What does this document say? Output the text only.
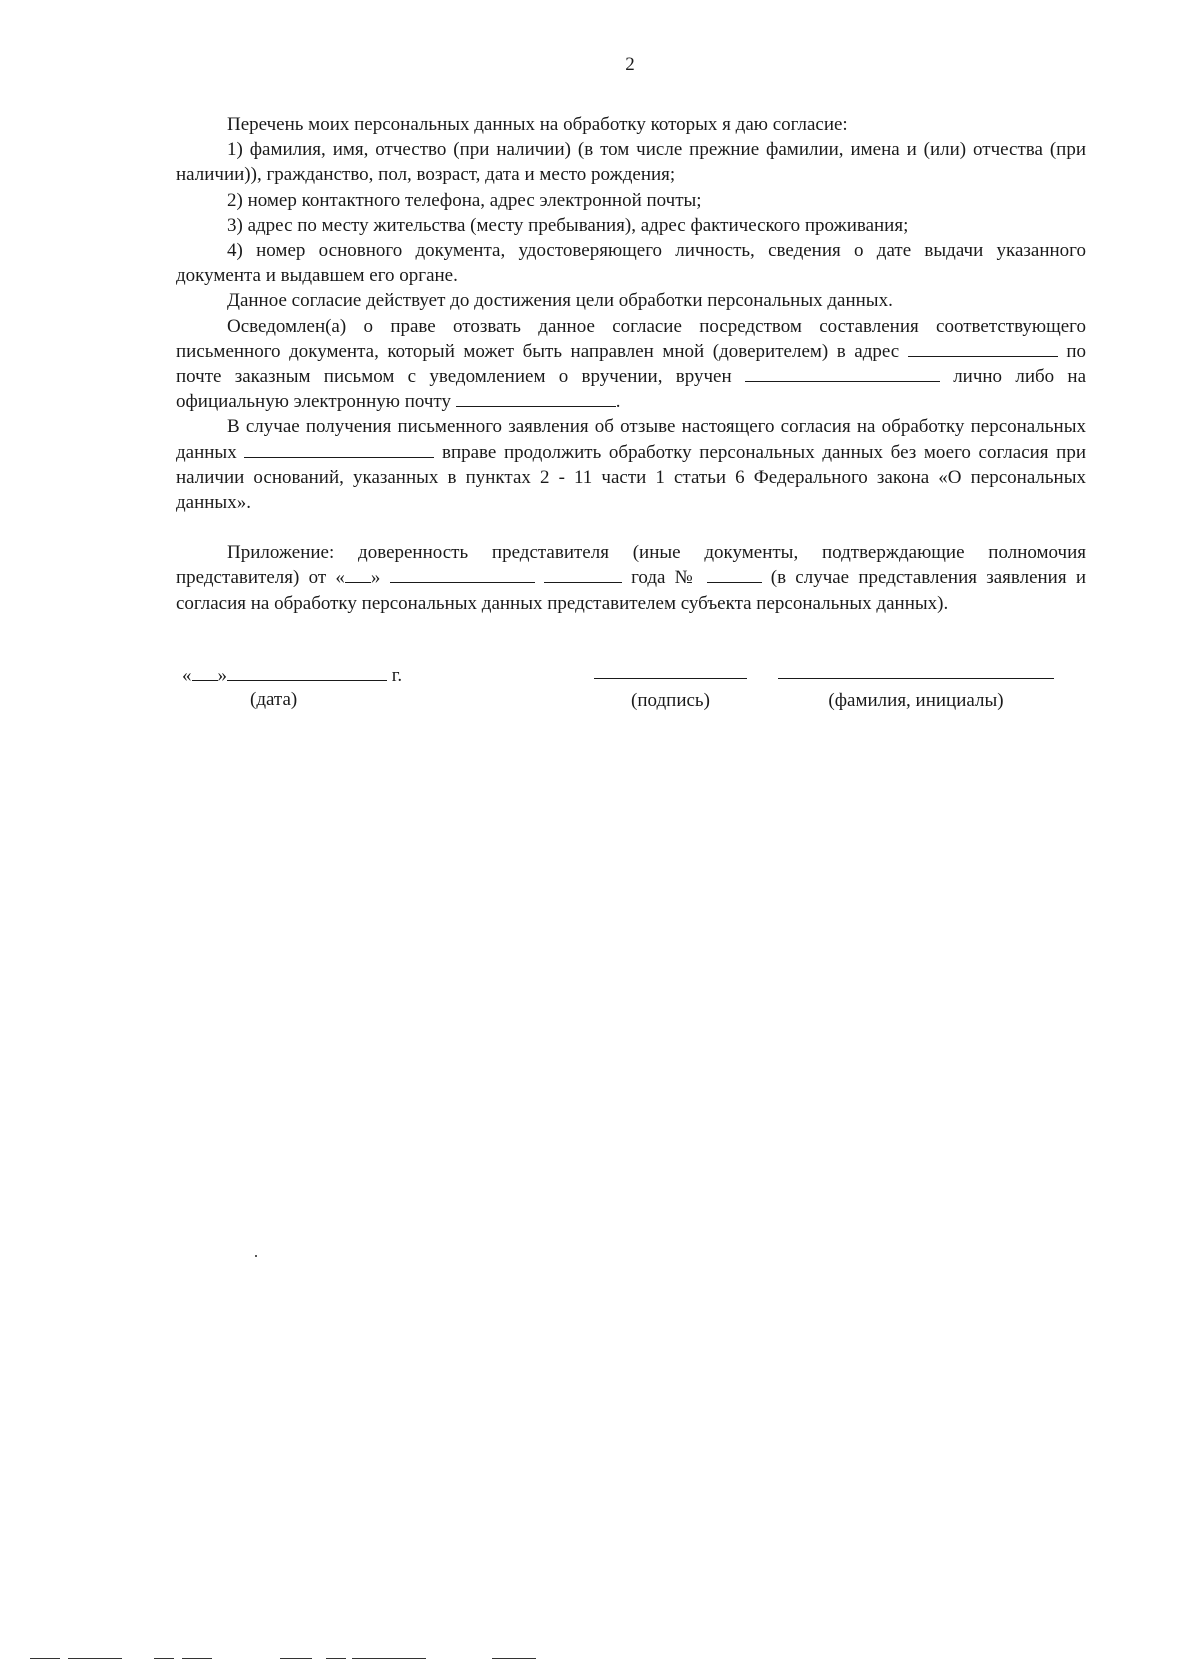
2

Перечень моих персональных данных на обработку которых я даю согласие:

1) фамилия, имя, отчество (при наличии) (в том числе прежние фамилии, имена и (или) отчества (при наличии)), гражданство, пол, возраст, дата и место рождения;

2) номер контактного телефона, адрес электронной почты;

3) адрес по месту жительства (месту пребывания), адрес фактического проживания;

4) номер основного документа, удостоверяющего личность, сведения о дате выдачи указанного документа и выдавшем его органе.

Данное согласие действует до достижения цели обработки персональных данных.

Осведомлен(а) о праве отозвать данное согласие посредством составления соответствующего письменного документа, который может быть направлен мной (доверителем) в адрес	по почте заказным письмом с уведомлением о вручении, вручен	лично либо на официальную электронную почту	.

В случае получения письменного заявления об отзыве настоящего согласия на обработку персональных данных	вправе продолжить обработку персональных данных без моего согласия при наличии оснований, указанных в пунктах 2 - 11 части 1 статьи 6 Федерального закона «О персональных данных».

Приложение: доверенность представителя (иные документы, подтверждающие полномочия представителя) от « »	года №	(в случае представления заявления и согласия на обработку персональных данных представителем субъекта персональных данных).

« »	г.
(дата)	(подпись)	(фамилия, инициалы)
